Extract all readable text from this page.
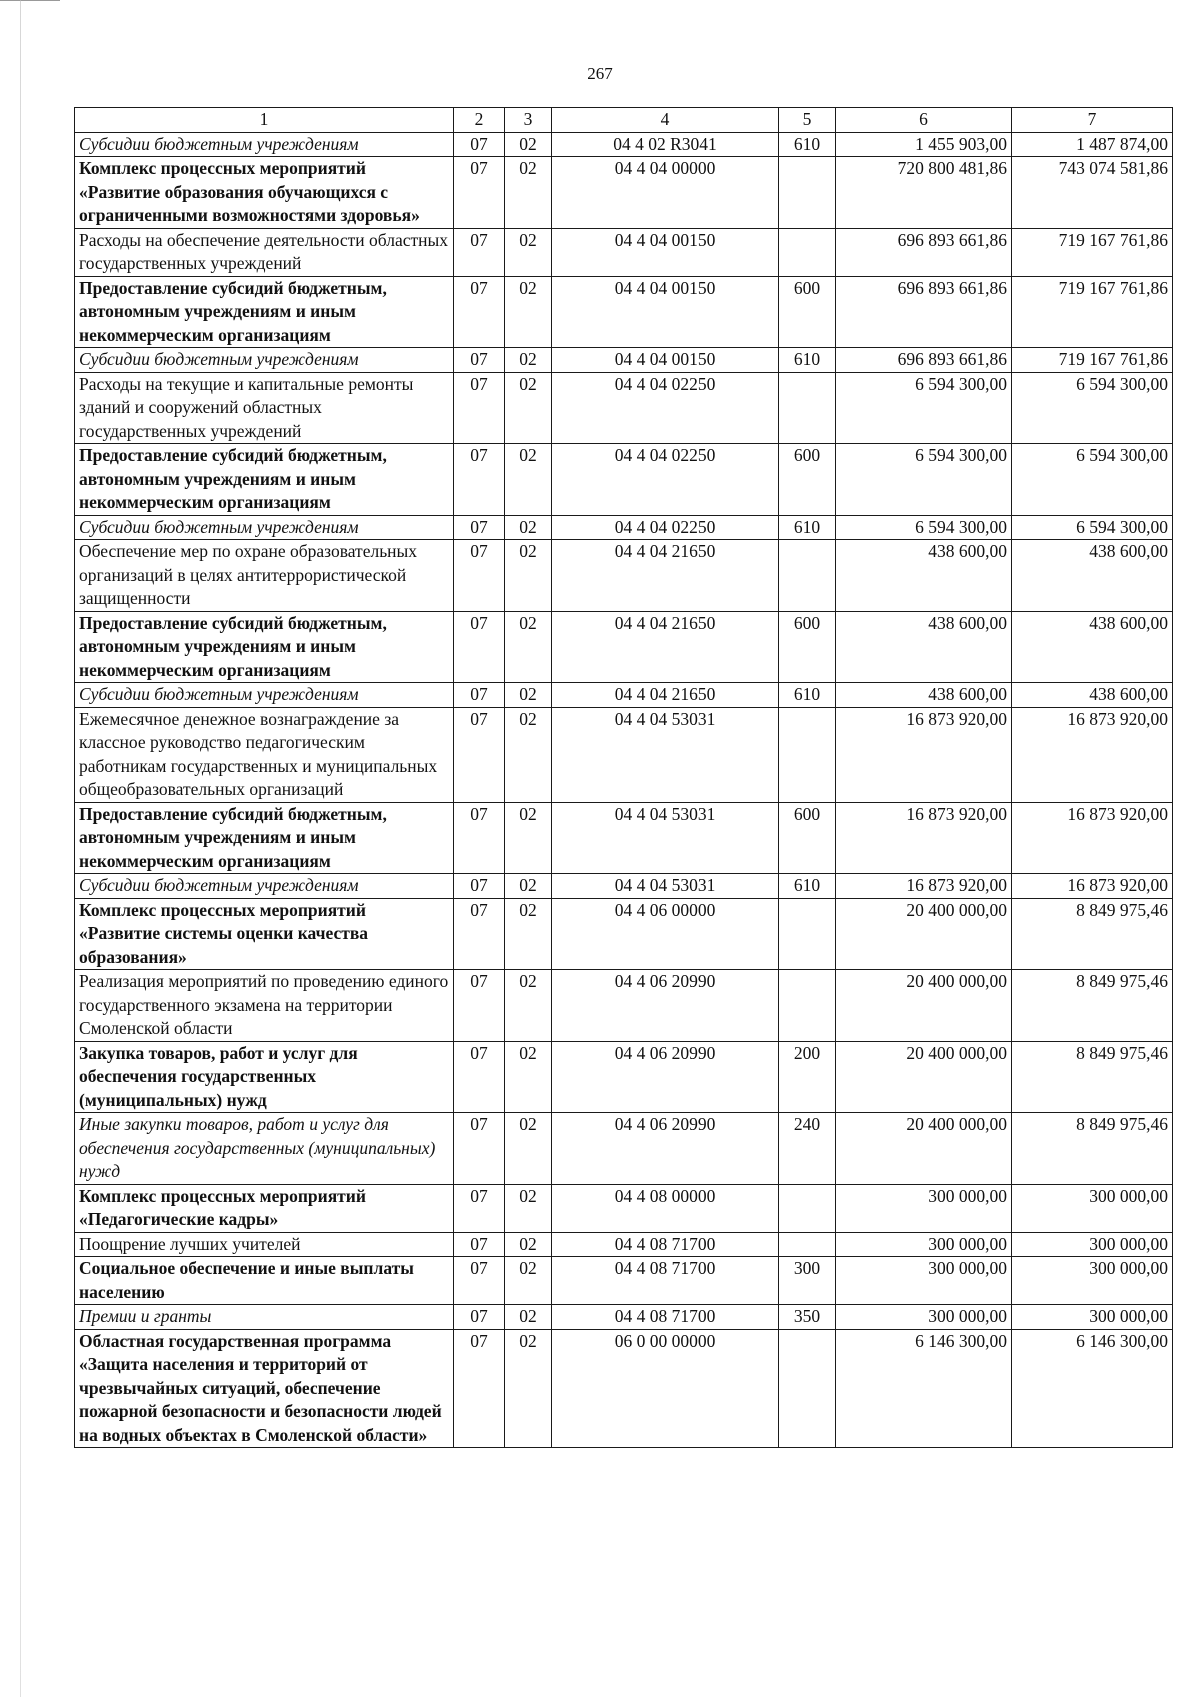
267
1	2	3	4	5	6	7
Субсидии бюджетным учреждениям	07	02	04 4 02 R3041	610	1 455 903,00	1 487 874,00
Комплекс процессных мероприятий «Развитие образования обучающихся с ограниченными возможностями здоровья»	07	02	04 4 04 00000		720 800 481,86	743 074 581,86
Расходы на обеспечение деятельности областных государственных учреждений	07	02	04 4 04 00150		696 893 661,86	719 167 761,86
Предоставление субсидий бюджетным, автономным учреждениям и иным некоммерческим организациям	07	02	04 4 04 00150	600	696 893 661,86	719 167 761,86
Субсидии бюджетным учреждениям	07	02	04 4 04 00150	610	696 893 661,86	719 167 761,86
Расходы на текущие и капитальные ремонты зданий и сооружений областных государственных учреждений	07	02	04 4 04 02250		6 594 300,00	6 594 300,00
Предоставление субсидий бюджетным, автономным учреждениям и иным некоммерческим организациям	07	02	04 4 04 02250	600	6 594 300,00	6 594 300,00
Субсидии бюджетным учреждениям	07	02	04 4 04 02250	610	6 594 300,00	6 594 300,00
Обеспечение мер по охране образовательных организаций в целях антитеррористической защищенности	07	02	04 4 04 21650		438 600,00	438 600,00
Предоставление субсидий бюджетным, автономным учреждениям и иным некоммерческим организациям	07	02	04 4 04 21650	600	438 600,00	438 600,00
Субсидии бюджетным учреждениям	07	02	04 4 04 21650	610	438 600,00	438 600,00
Ежемесячное денежное вознаграждение за классное руководство педагогическим работникам государственных и муниципальных общеобразовательных организаций	07	02	04 4 04 53031		16 873 920,00	16 873 920,00
Предоставление субсидий бюджетным, автономным учреждениям и иным некоммерческим организациям	07	02	04 4 04 53031	600	16 873 920,00	16 873 920,00
Субсидии бюджетным учреждениям	07	02	04 4 04 53031	610	16 873 920,00	16 873 920,00
Комплекс процессных мероприятий «Развитие системы оценки качества образования»	07	02	04 4 06 00000		20 400 000,00	8 849 975,46
Реализация мероприятий по проведению единого государственного экзамена на территории Смоленской области	07	02	04 4 06 20990		20 400 000,00	8 849 975,46
Закупка товаров, работ и услуг для обеспечения государственных (муниципальных) нужд	07	02	04 4 06 20990	200	20 400 000,00	8 849 975,46
Иные закупки товаров, работ и услуг для обеспечения государственных (муниципальных) нужд	07	02	04 4 06 20990	240	20 400 000,00	8 849 975,46
Комплекс процессных мероприятий «Педагогические кадры»	07	02	04 4 08 00000		300 000,00	300 000,00
Поощрение лучших учителей	07	02	04 4 08 71700		300 000,00	300 000,00
Социальное обеспечение и иные выплаты населению	07	02	04 4 08 71700	300	300 000,00	300 000,00
Премии и гранты	07	02	04 4 08 71700	350	300 000,00	300 000,00
Областная государственная программа «Защита населения и территорий от чрезвычайных ситуаций, обеспечение пожарной безопасности и безопасности людей на водных объектах в Смоленской области»	07	02	06 0 00 00000		6 146 300,00	6 146 300,00
